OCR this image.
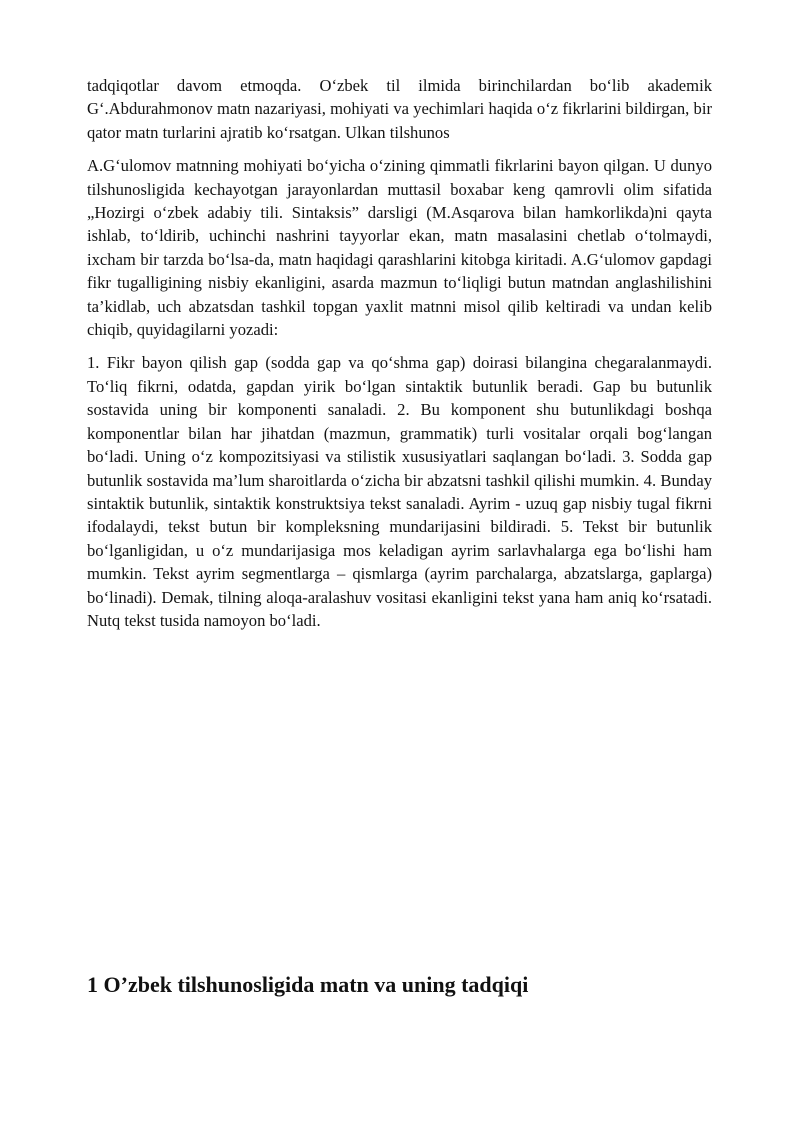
tadqiqotlar davom etmoqda. O‘zbek til ilmida birinchilardan bo‘lib akademik G‘.Abdurahmonov matn nazariyasi, mohiyati va yechimlari haqida o‘z fikrlarini bildirgan, bir qator matn turlarini ajratib ko‘rsatgan. Ulkan tilshunos

A.G‘ulomov matnning mohiyati bo‘yicha o‘zining qimmatli fikrlarini bayon qilgan. U dunyo tilshunosligida kechayotgan jarayonlardan muttasil boxabar keng qamrovli olim sifatida „Hozirgi o‘zbek adabiy tili. Sintaksis” darsligi (M.Asqarova bilan hamkorlikda)ni qayta ishlab, to‘ldirib, uchinchi nashrini tayyorlar ekan, matn masalasini chetlab o‘tolmaydi, ixcham bir tarzda bo‘lsa-da, matn haqidagi qarashlarini kitobga kiritadi. A.G‘ulomov gapdagi fikr tugalligining nisbiy ekanligini, asarda mazmun to‘liqligi butun matndan anglashilishini ta’kidlab, uch abzatsdan tashkil topgan yaxlit matnni misol qilib keltiradi va undan kelib chiqib, quyidagilarni yozadi:

1. Fikr bayon qilish gap (sodda gap va qo‘shma gap) doirasi bilangina chegaralanmaydi. To‘liq fikrni, odatda, gapdan yirik bo‘lgan sintaktik butunlik beradi. Gap bu butunlik sostavida uning bir komponenti sanaladi. 2. Bu komponent shu butunlikdagi boshqa komponentlar bilan har jihatdan (mazmun, grammatik) turli vositalar orqali bog‘langan bo‘ladi. Uning o‘z kompozitsiyasi va stilistik xususiyatlari saqlangan bo‘ladi. 3. Sodda gap butunlik sostavida ma’lum sharoitlarda o‘zicha bir abzatsni tashkil qilishi mumkin. 4. Bunday sintaktik butunlik, sintaktik konstruktsiya tekst sanaladi. Ayrim - uzuq gap nisbiy tugal fikrni ifodalaydi, tekst butun bir kompleksning mundarijasini bildiradi. 5. Tekst bir butunlik bo‘lganligidan, u o‘z mundarijasiga mos keladigan ayrim sarlavhalarga ega bo‘lishi ham mumkin. Tekst ayrim segmentlarga – qismlarga (ayrim parchalarga, abzatslarga, gaplarga) bo‘linadi). Demak, tilning aloqa-aralashuv vositasi ekanligini tekst yana ham aniq ko‘rsatadi. Nutq tekst tusida namoyon bo‘ladi.

1 O’zbek tilshunosligida matn va uning tadqiqi
